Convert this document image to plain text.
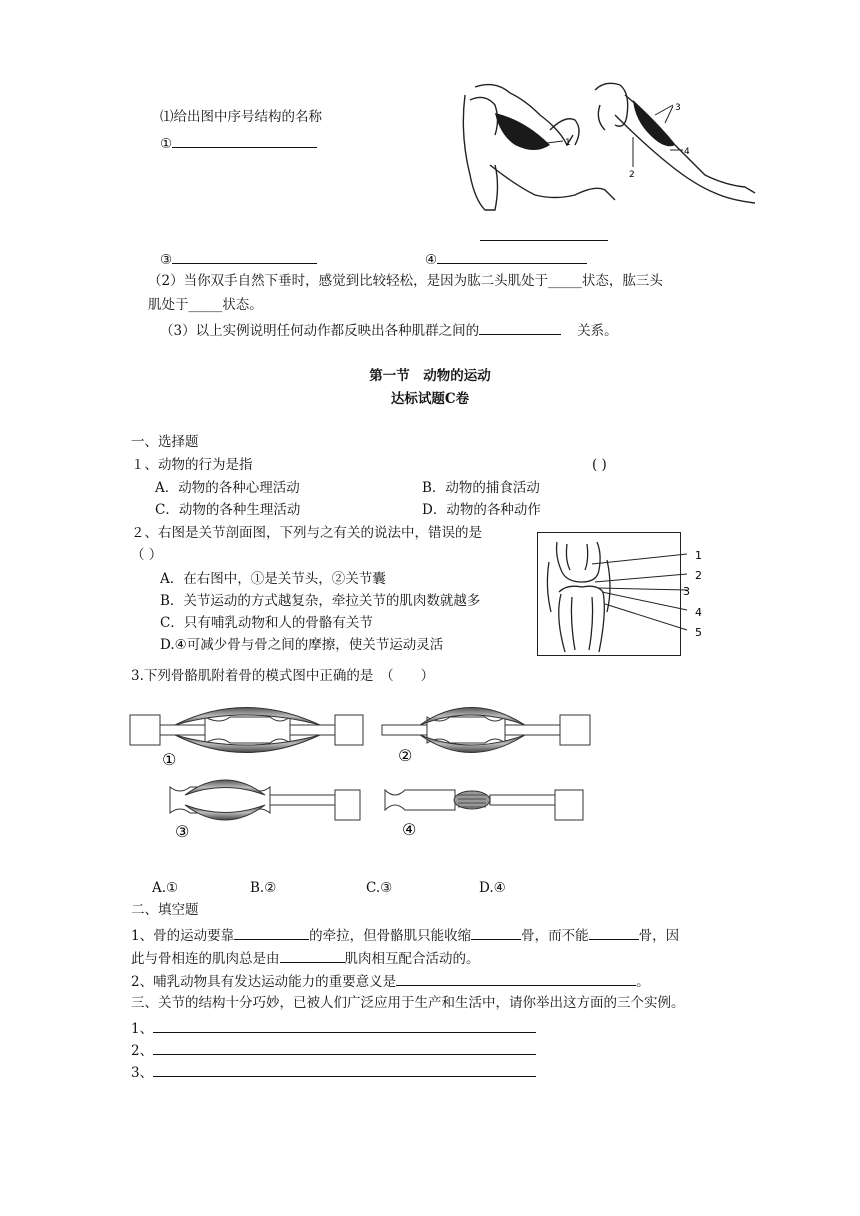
⑴给出图中序号结构的名称
①	1
3
4
2
③	④
（2）当你双手自然下垂时，感觉到比较轻松，是因为肱二头肌处于_____状态，肱三头
肌处于_____状态。
（3）以上实例说明任何动作都反映出各种肌群之间的	关系。
第一节　动物的运动
达标试题C卷
一、选择题
１、动物的行为是指	( )
A．动物的各种心理活动	B．动物的捕食活动
C．动物的各种生理活动	D．动物的各种动作
２、右图是关节剖面图，下列与之有关的说法中，错误的是
（ ）
A．在右图中，①是关节头，②关节囊
B．关节运动的方式越复杂，牵拉关节的肌肉数就越多
C．只有哺乳动物和人的骨骼有关节
D.④可减少骨与骨之间的摩擦，使关节运动灵活
1
2
3
4
5
3.下列骨骼肌附着骨的模式图中正确的是　（　　）
①	②
③	④
A.①	B.②	C.③	D.④
二、填空题
1、骨的运动要靠	的牵拉，但骨骼肌只能收缩	骨，而不能	骨，因
此与骨相连的肌肉总是由	肌肉相互配合活动的。
2、哺乳动物具有发达运动能力的重要意义是	。
三、关节的结构十分巧妙，已被人们广泛应用于生产和生活中，请你举出这方面的三个实例。
1、
2、
3、
